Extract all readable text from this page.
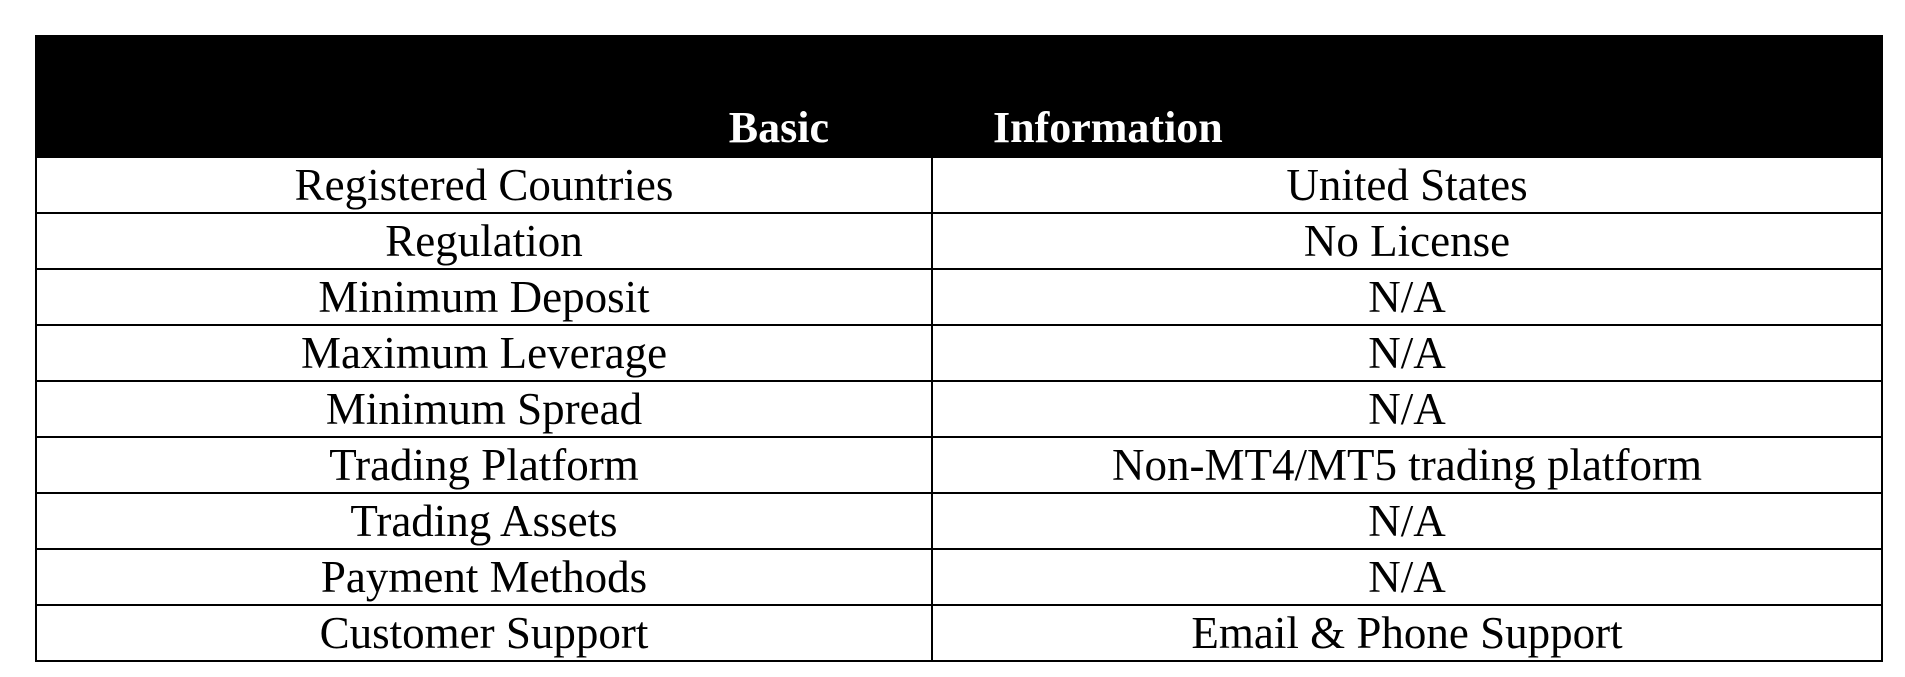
Basic	Information
Registered Countries	United States
Regulation	No License
Minimum Deposit	N/A
Maximum Leverage	N/A
Minimum Spread	N/A
Trading Platform	Non-MT4/MT5 trading platform
Trading Assets	N/A
Payment Methods	N/A
Customer Support	Email & Phone Support
